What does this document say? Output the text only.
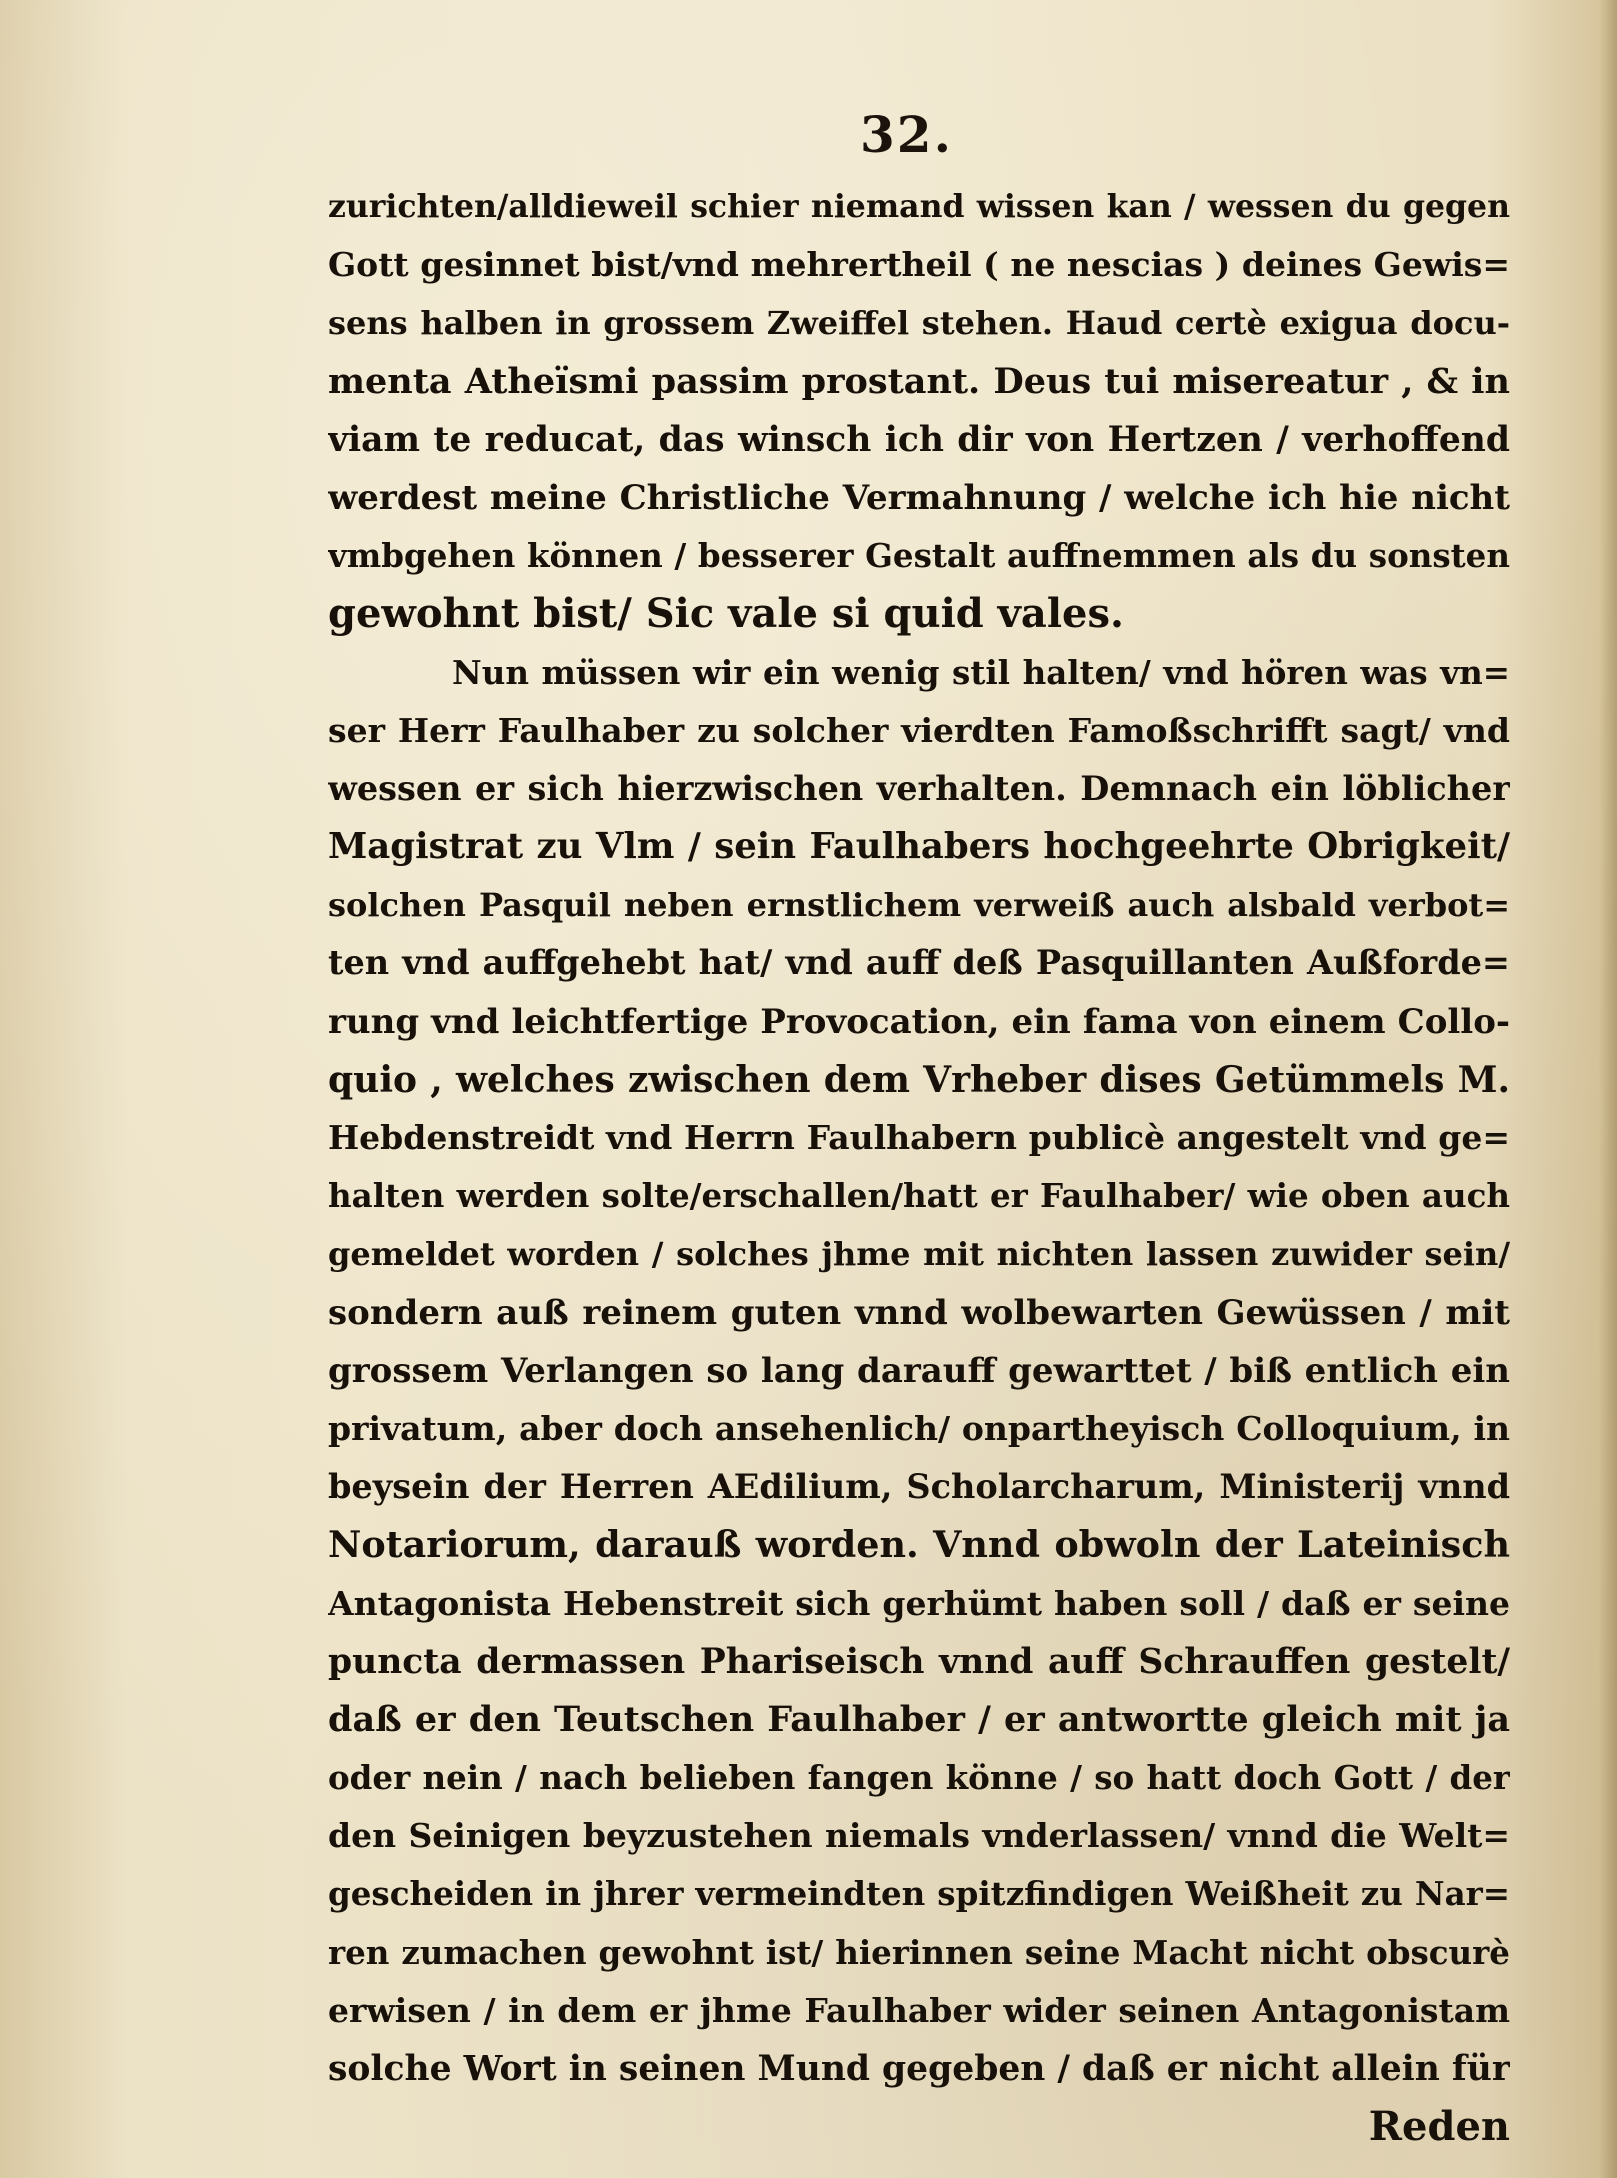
32.
zurichten/alldieweil schier niemand wissen kan / wessen du gegen
Gott gesinnet bist/vnd mehrertheil ( ne nescias ) deines Gewis=
sens halben in grossem Zweiffel stehen. Haud certè exigua docu-
menta Atheïsmi passim prostant. Deus tui misereatur , & in
viam te reducat, das winsch ich dir von Hertzen / verhoffend
werdest meine Christliche Vermahnung / welche ich hie nicht
vmbgehen können / besserer Gestalt auffnemmen als du sonsten
gewohnt bist/ Sic vale si quid vales.
Nun müssen wir ein wenig stil halten/ vnd hören was vn=
ser Herr Faulhaber zu solcher vierdten Famoßschrifft sagt/ vnd
wessen er sich hierzwischen verhalten. Demnach ein löblicher
Magistrat zu Vlm / sein Faulhabers hochgeehrte Obrigkeit/
solchen Pasquil neben ernstlichem verweiß auch alsbald verbot=
ten vnd auffgehebt hat/ vnd auff deß Pasquillanten Außforde=
rung vnd leichtfertige Provocation, ein fama von einem Collo-
quio , welches zwischen dem Vrheber dises Getümmels M.
Hebdenstreidt vnd Herrn Faulhabern publicè angestelt vnd ge=
halten werden solte/erschallen/hatt er Faulhaber/ wie oben auch
gemeldet worden / solches jhme mit nichten lassen zuwider sein/
sondern auß reinem guten vnnd wolbewarten Gewüssen / mit
grossem Verlangen so lang darauff gewarttet / biß entlich ein
privatum, aber doch ansehenlich/ onpartheyisch Colloquium, in
beysein der Herren AEdilium, Scholarcharum, Ministerij vnnd
Notariorum, darauß worden. Vnnd obwoln der Lateinisch
Antagonista Hebenstreit sich gerhümt haben soll / daß er seine
puncta dermassen Phariseisch vnnd auff Schrauffen gestelt/
daß er den Teutschen Faulhaber / er antwortte gleich mit ja
oder nein / nach belieben fangen könne / so hatt doch Gott / der
den Seinigen beyzustehen niemals vnderlassen/ vnnd die Welt=
gescheiden in jhrer vermeindten spitzfindigen Weißheit zu Nar=
ren zumachen gewohnt ist/ hierinnen seine Macht nicht obscurè
erwisen / in dem er jhme Faulhaber wider seinen Antagonistam
solche Wort in seinen Mund gegeben / daß er nicht allein für
Reden
